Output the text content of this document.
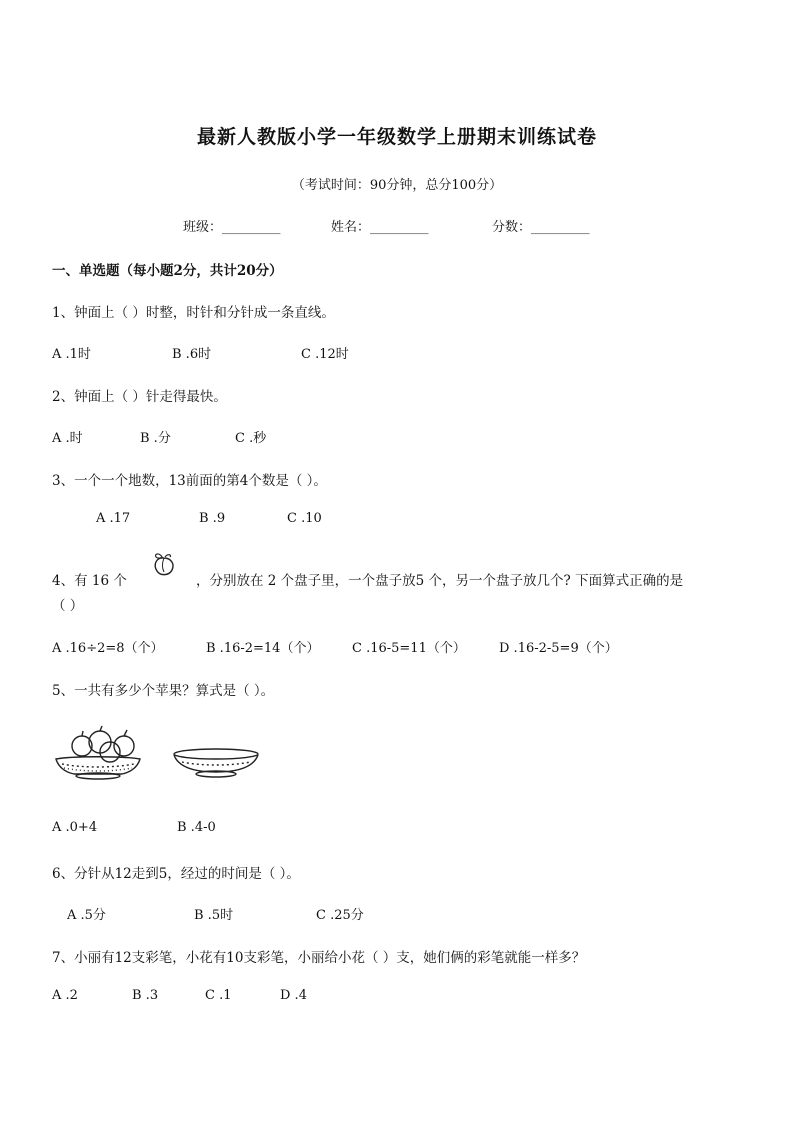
最新人教版小学一年级数学上册期末训练试卷
（考试时间：90分钟，总分100分）
班级：_________	姓名：_________	分数：_________
一、单选题（每小题2分，共计20分）
1、钟面上（ ）时整，时针和分针成一条直线。
A .1时	B .6时	C .12时
2、钟面上（ ）针走得最快。
A .时	B .分	C .秒
3、一个一个地数，13前面的第4个数是（ ）。
A .17	B .9	C .10
4、有 16 个	，分别放在 2 个盘子里，一个盘子放5 个，另一个盘子放几个? 下面算式正确的是
（ ）
A .16÷2=8（个）	B .16-2=14（个）	C .16-5=11（个）	D .16-2-5=9（个）
5、一共有多少个苹果？算式是（ ）。
A .0+4	B .4-0
6、分针从12走到5，经过的时间是（ ）。
A .5分	B .5时	C .25分
7、小丽有12支彩笔，小花有10支彩笔，小丽给小花（ ）支，她们俩的彩笔就能一样多？
A .2	B .3	C .1	D .4
